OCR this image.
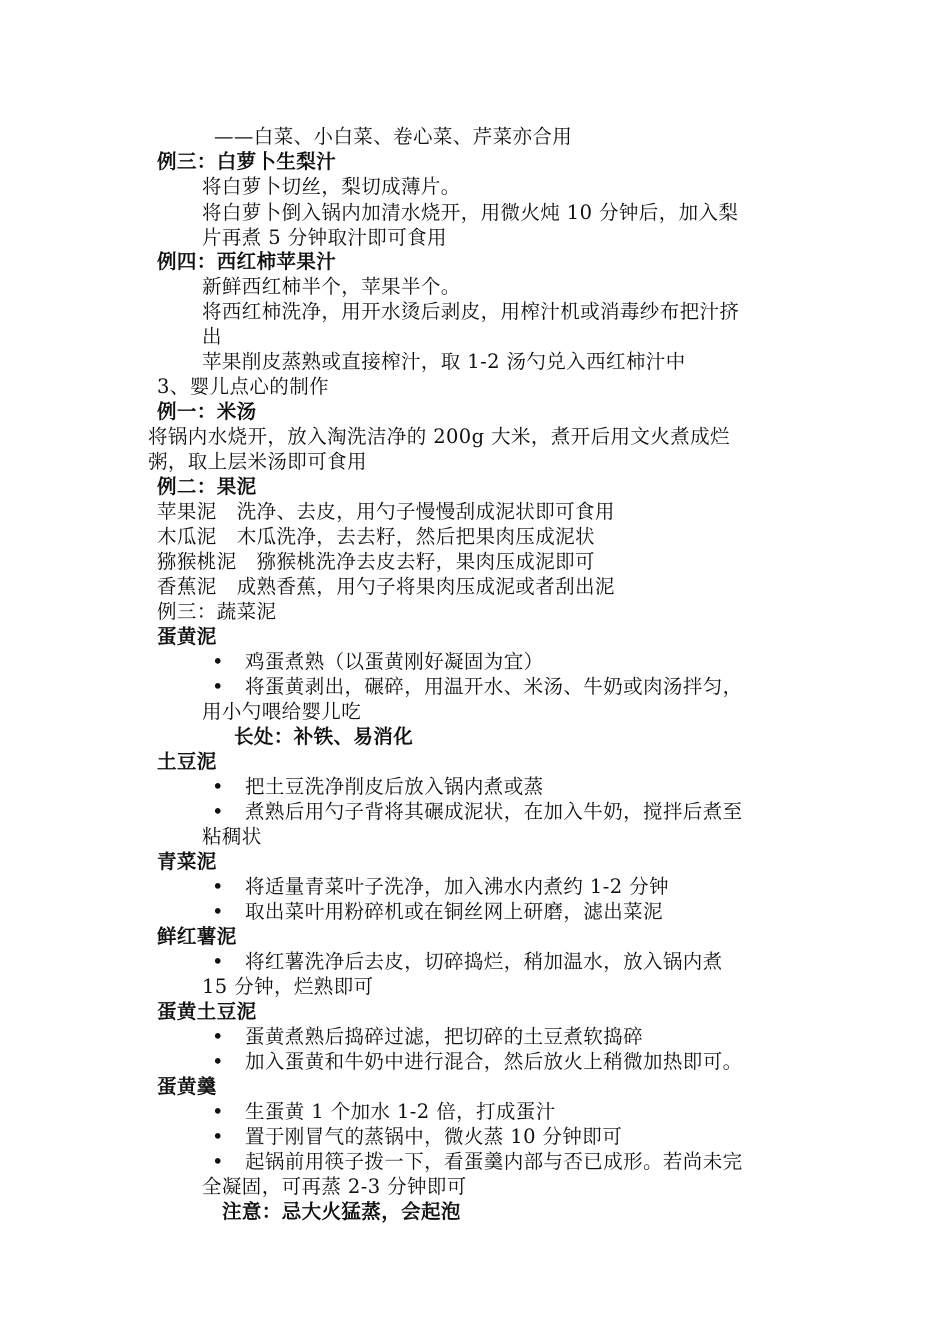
——白菜、小白菜、卷心菜、芹菜亦合用
例三：白萝卜生梨汁
将白萝卜切丝，梨切成薄片。
将白萝卜倒入锅内加清水烧开，用微火炖 10 分钟后，加入梨
片再煮 5 分钟取汁即可食用
例四：西红柿苹果汁
新鲜西红柿半个，苹果半个。
将西红柿洗净，用开水烫后剥皮，用榨汁机或消毒纱布把汁挤
出
苹果削皮蒸熟或直接榨汁，取 1-2 汤勺兑入西红柿汁中
3、婴儿点心的制作
例一：米汤
将锅内水烧开，放入淘洗洁净的 200g 大米，煮开后用文火煮成烂
粥，取上层米汤即可食用
例二：果泥
苹果泥 洗净、去皮，用勺子慢慢刮成泥状即可食用
木瓜泥 木瓜洗净，去去籽，然后把果肉压成泥状
猕猴桃泥 猕猴桃洗净去皮去籽，果肉压成泥即可
香蕉泥 成熟香蕉，用勺子将果肉压成泥或者刮出泥
例三：蔬菜泥
蛋黄泥
• 鸡蛋煮熟（以蛋黄刚好凝固为宜）
• 将蛋黄剥出，碾碎，用温开水、米汤、牛奶或肉汤拌匀，
用小勺喂给婴儿吃
长处：补铁、易消化
土豆泥
• 把土豆洗净削皮后放入锅内煮或蒸
• 煮熟后用勺子背将其碾成泥状，在加入牛奶，搅拌后煮至
粘稠状
青菜泥
• 将适量青菜叶子洗净，加入沸水内煮约 1-2 分钟
• 取出菜叶用粉碎机或在铜丝网上研磨，滤出菜泥
鲜红薯泥
• 将红薯洗净后去皮，切碎捣烂，稍加温水，放入锅内煮
15 分钟，烂熟即可
蛋黄土豆泥
• 蛋黄煮熟后捣碎过滤，把切碎的土豆煮软捣碎
• 加入蛋黄和牛奶中进行混合，然后放火上稍微加热即可。
蛋黄羹
• 生蛋黄 1 个加水 1-2 倍，打成蛋汁
• 置于刚冒气的蒸锅中，微火蒸 10 分钟即可
• 起锅前用筷子拨一下，看蛋羹内部与否已成形。若尚未完
全凝固，可再蒸 2-3 分钟即可
注意：忌大火猛蒸，会起泡
